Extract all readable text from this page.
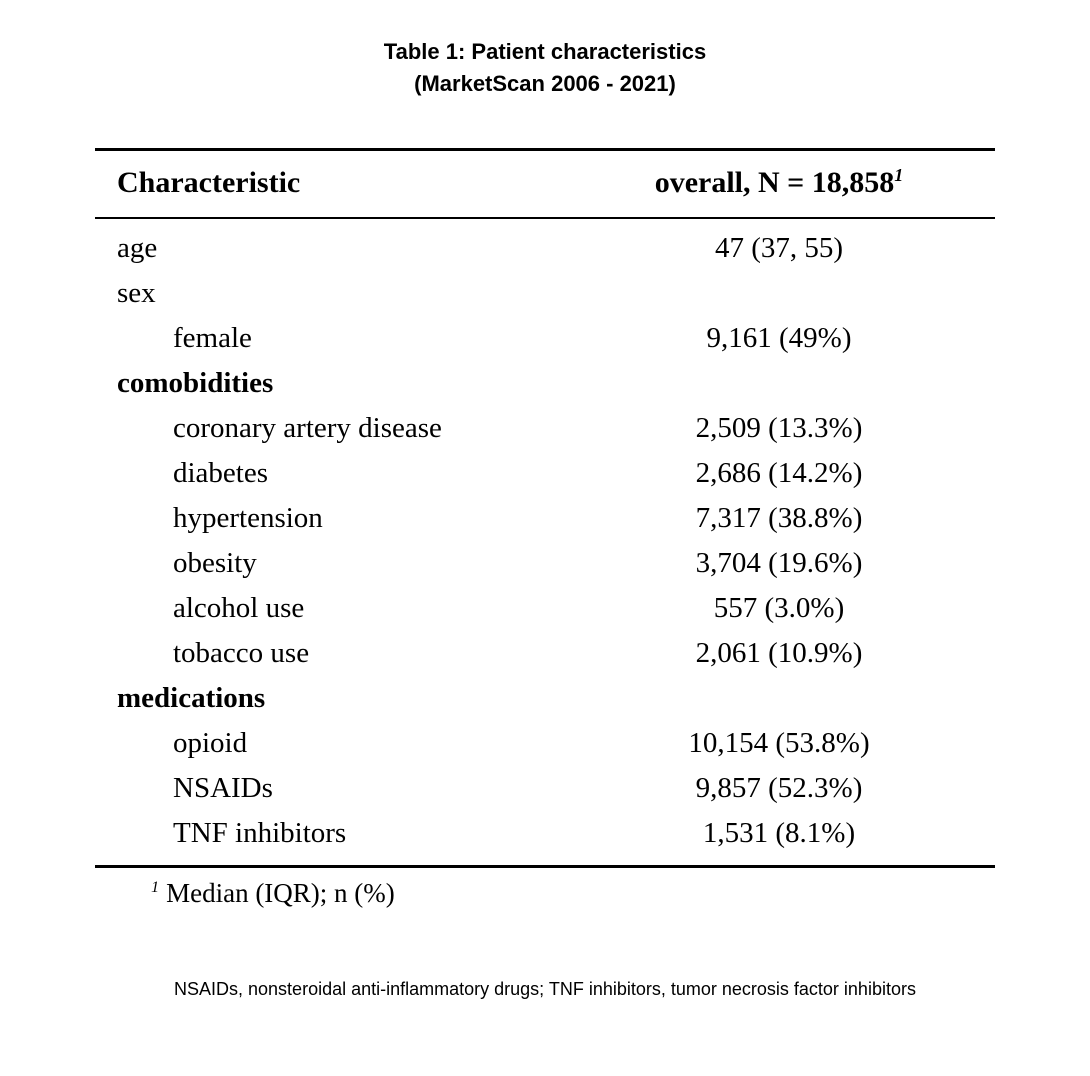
Table 1: Patient characteristics
(MarketScan 2006 - 2021)
Characteristic	overall, $N = 18,858^1$
age	47 (37, 55)
sex
female	9,161 (49%)
comobidities
coronary artery disease	2,509 (13.3%)
diabetes	2,686 (14.2%)
hypertension	7,317 (38.8%)
obesity	3,704 (19.6%)
alcohol use	557 (3.0%)
tobacco use	2,061 (10.9%)
medications
opioid	10,154 (53.8%)
NSAIDs	9,857 (52.3%)
TNF inhibitors	1,531 (8.1%)
$^1$ Median (IQR); n (%)
NSAIDs, nonsteroidal anti-inflammatory drugs; TNF inhibitors, tumor necrosis factor inhibitors
